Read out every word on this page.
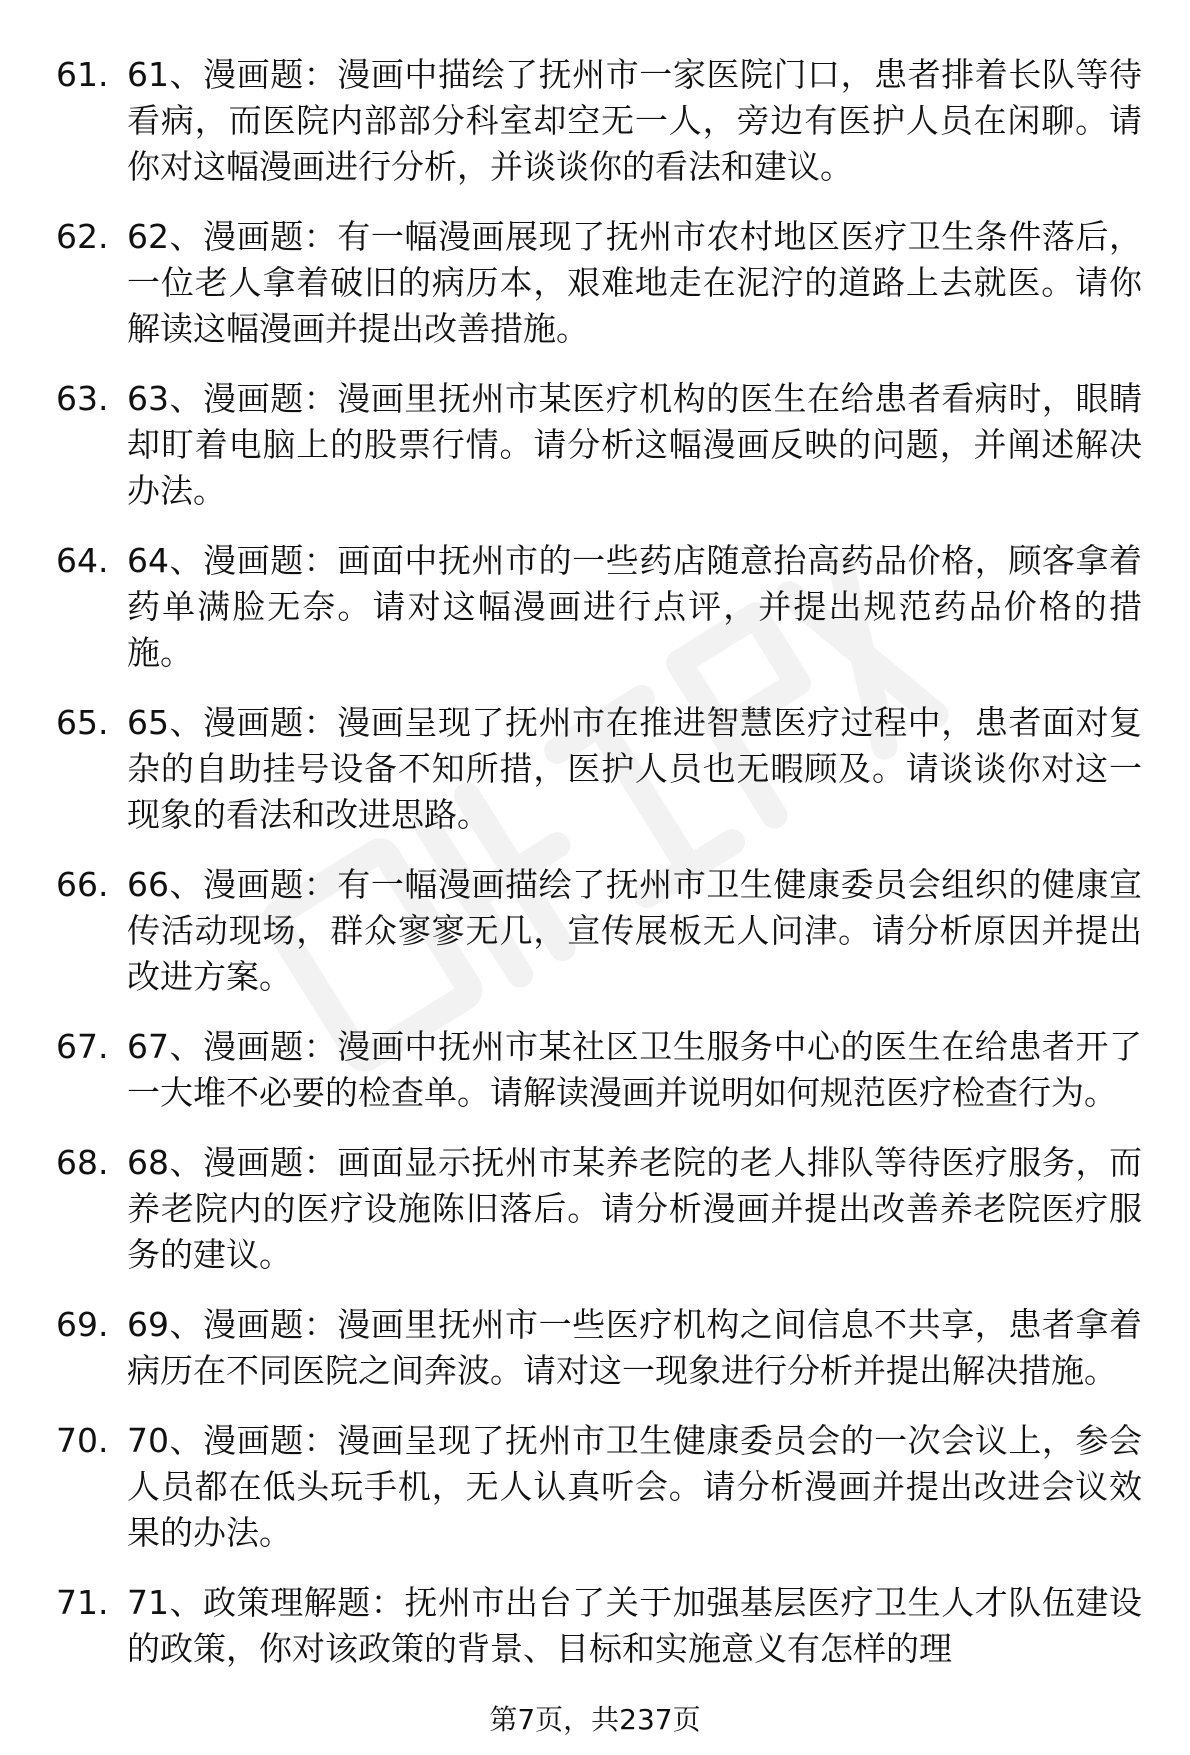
61. 61、漫画题：漫画中描绘了抚州市一家医院门口，患者排着长队等待看病，而医院内部部分科室却空无一人，旁边有医护人员在闲聊。请你对这幅漫画进行分析，并谈谈你的看法和建议。
62. 62、漫画题：有一幅漫画展现了抚州市农村地区医疗卫生条件落后，一位老人拿着破旧的病历本，艰难地走在泥泞的道路上去就医。请你解读这幅漫画并提出改善措施。
63. 63、漫画题：漫画里抚州市某医疗机构的医生在给患者看病时，眼睛却盯着电脑上的股票行情。请分析这幅漫画反映的问题，并阐述解决办法。
64. 64、漫画题：画面中抚州市的一些药店随意抬高药品价格，顾客拿着药单满脸无奈。请对这幅漫画进行点评，并提出规范药品价格的措施。
65. 65、漫画题：漫画呈现了抚州市在推进智慧医疗过程中，患者面对复杂的自助挂号设备不知所措，医护人员也无暇顾及。请谈谈你对这一现象的看法和改进思路。
66. 66、漫画题：有一幅漫画描绘了抚州市卫生健康委员会组织的健康宣传活动现场，群众寥寥无几，宣传展板无人问津。请分析原因并提出改进方案。
67. 67、漫画题：漫画中抚州市某社区卫生服务中心的医生在给患者开了一大堆不必要的检查单。请解读漫画并说明如何规范医疗检查行为。
68. 68、漫画题：画面显示抚州市某养老院的老人排队等待医疗服务，而养老院内的医疗设施陈旧落后。请分析漫画并提出改善养老院医疗服务的建议。
69. 69、漫画题：漫画里抚州市一些医疗机构之间信息不共享，患者拿着病历在不同医院之间奔波。请对这一现象进行分析并提出解决措施。
70. 70、漫画题：漫画呈现了抚州市卫生健康委员会的一次会议上，参会人员都在低头玩手机，无人认真听会。请分析漫画并提出改进会议效果的办法。
71. 71、政策理解题：抚州市出台了关于加强基层医疗卫生人才队伍建设的政策，你对该政策的背景、目标和实施意义有怎样的理
第7页，共237页
